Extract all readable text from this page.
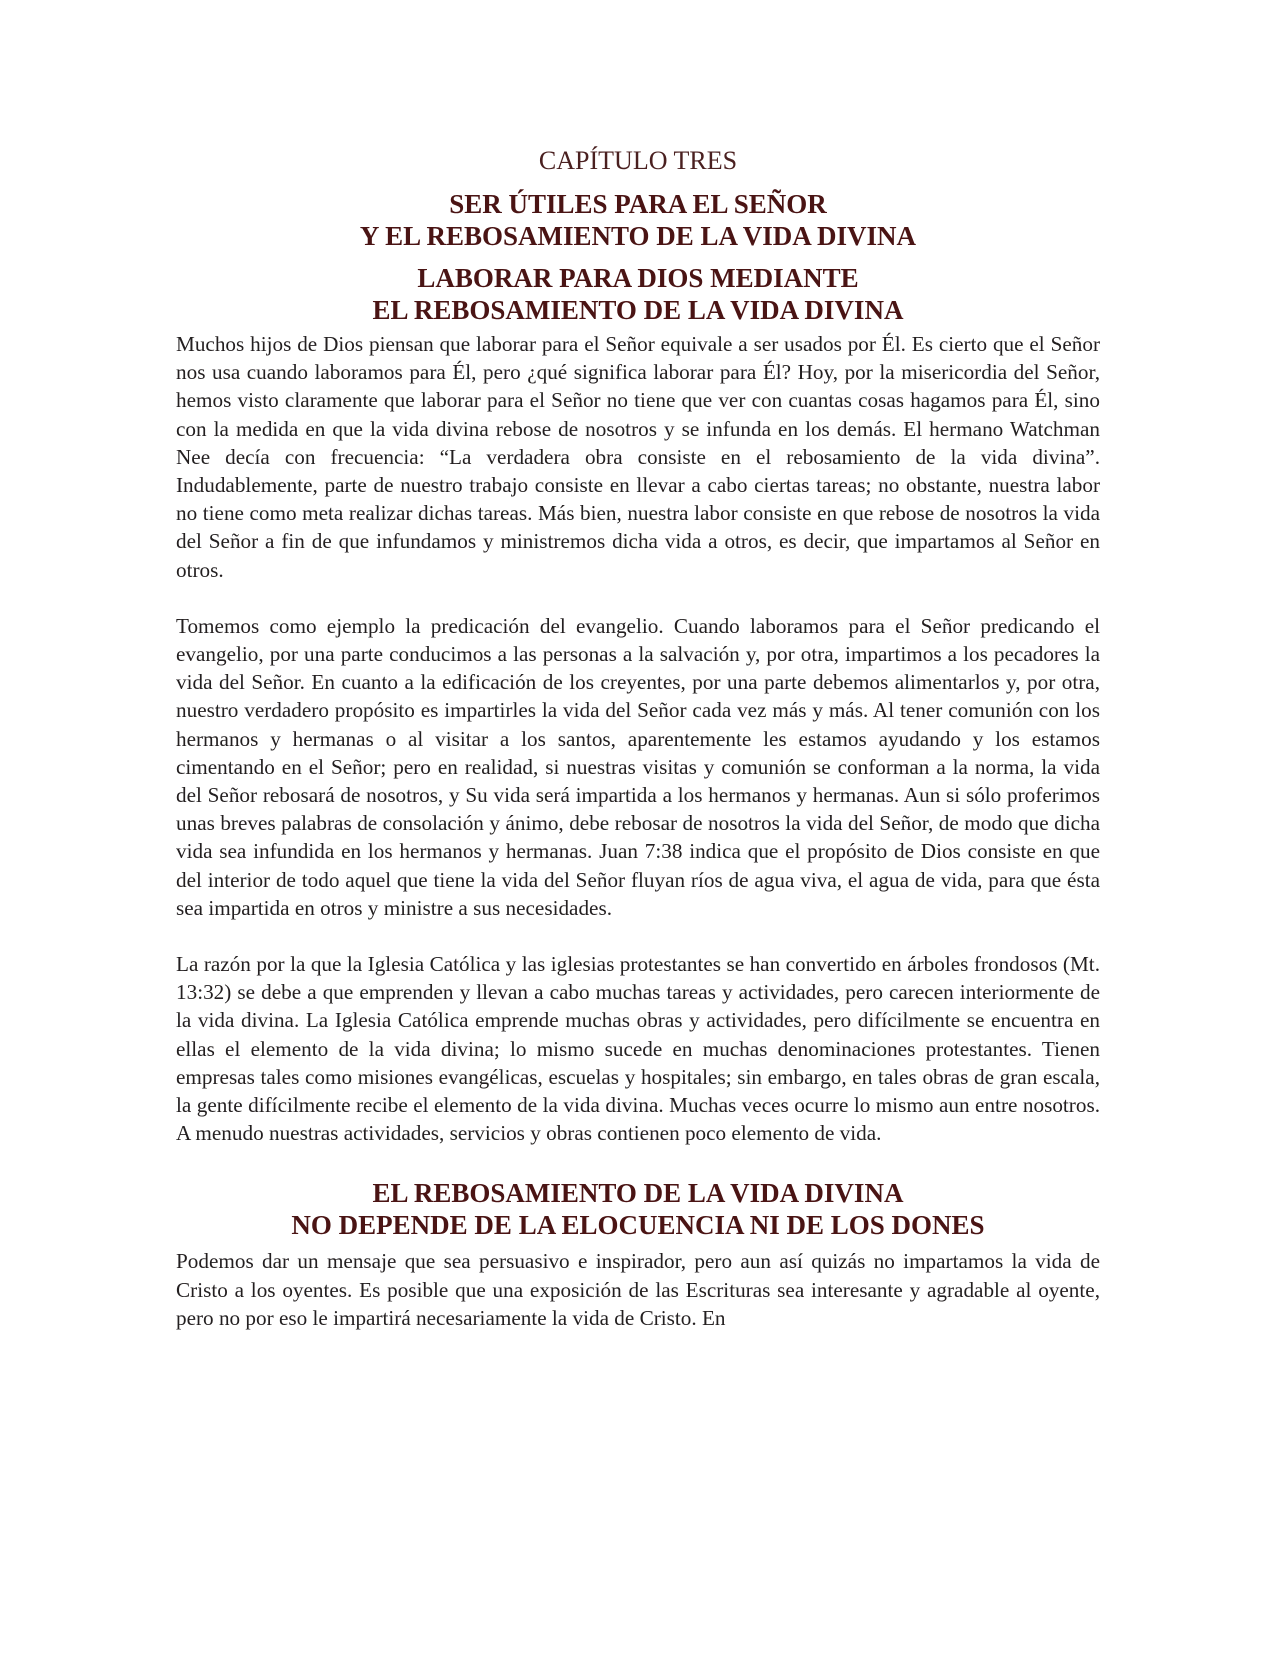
CAPÍTULO TRES
SER ÚTILES PARA EL SEÑOR
Y EL REBOSAMIENTO DE LA VIDA DIVINA
LABORAR PARA DIOS MEDIANTE
EL REBOSAMIENTO DE LA VIDA DIVINA

Muchos hijos de Dios piensan que laborar para el Señor equivale a ser usados por Él. Es cierto que el Señor nos usa cuando laboramos para Él, pero ¿qué significa laborar para Él? Hoy, por la misericordia del Señor, hemos visto claramente que laborar para el Señor no tiene que ver con cuantas cosas hagamos para Él, sino con la medida en que la vida divina rebose de nosotros y se infunda en los demás. El hermano Watchman Nee decía con frecuencia: “La verdadera obra consiste en el rebosamiento de la vida divina”. Indudablemente, parte de nuestro trabajo consiste en llevar a cabo ciertas tareas; no obstante, nuestra labor no tiene como meta realizar dichas tareas. Más bien, nuestra labor consiste en que rebose de nosotros la vida del Señor a fin de que infundamos y ministremos dicha vida a otros, es decir, que impartamos al Señor en otros.

Tomemos como ejemplo la predicación del evangelio. Cuando laboramos para el Señor predicando el evangelio, por una parte conducimos a las personas a la salvación y, por otra, impartimos a los pecadores la vida del Señor. En cuanto a la edificación de los creyentes, por una parte debemos alimentarlos y, por otra, nuestro verdadero propósito es impartirles la vida del Señor cada vez más y más. Al tener comunión con los hermanos y hermanas o al visitar a los santos, aparentemente les estamos ayudando y los estamos cimentando en el Señor; pero en realidad, si nuestras visitas y comunión se conforman a la norma, la vida del Señor rebosará de nosotros, y Su vida será impartida a los hermanos y hermanas. Aun si sólo proferimos unas breves palabras de consolación y ánimo, debe rebosar de nosotros la vida del Señor, de modo que dicha vida sea infundida en los hermanos y hermanas. Juan 7:38 indica que el propósito de Dios consiste en que del interior de todo aquel que tiene la vida del Señor fluyan ríos de agua viva, el agua de vida, para que ésta sea impartida en otros y ministre a sus necesidades.

La razón por la que la Iglesia Católica y las iglesias protestantes se han convertido en árboles frondosos (Mt. 13:32) se debe a que emprenden y llevan a cabo muchas tareas y actividades, pero carecen interiormente de la vida divina. La Iglesia Católica emprende muchas obras y actividades, pero difícilmente se encuentra en ellas el elemento de la vida divina; lo mismo sucede en muchas denominaciones protestantes. Tienen empresas tales como misiones evangélicas, escuelas y hospitales; sin embargo, en tales obras de gran escala, la gente difícilmente recibe el elemento de la vida divina. Muchas veces ocurre lo mismo aun entre nosotros. A menudo nuestras actividades, servicios y obras contienen poco elemento de vida.

EL REBOSAMIENTO DE LA VIDA DIVINA
NO DEPENDE DE LA ELOCUENCIA NI DE LOS DONES

Podemos dar un mensaje que sea persuasivo e inspirador, pero aun así quizás no impartamos la vida de Cristo a los oyentes. Es posible que una exposición de las Escrituras sea interesante y agradable al oyente, pero no por eso le impartirá necesariamente la vida de Cristo. En
